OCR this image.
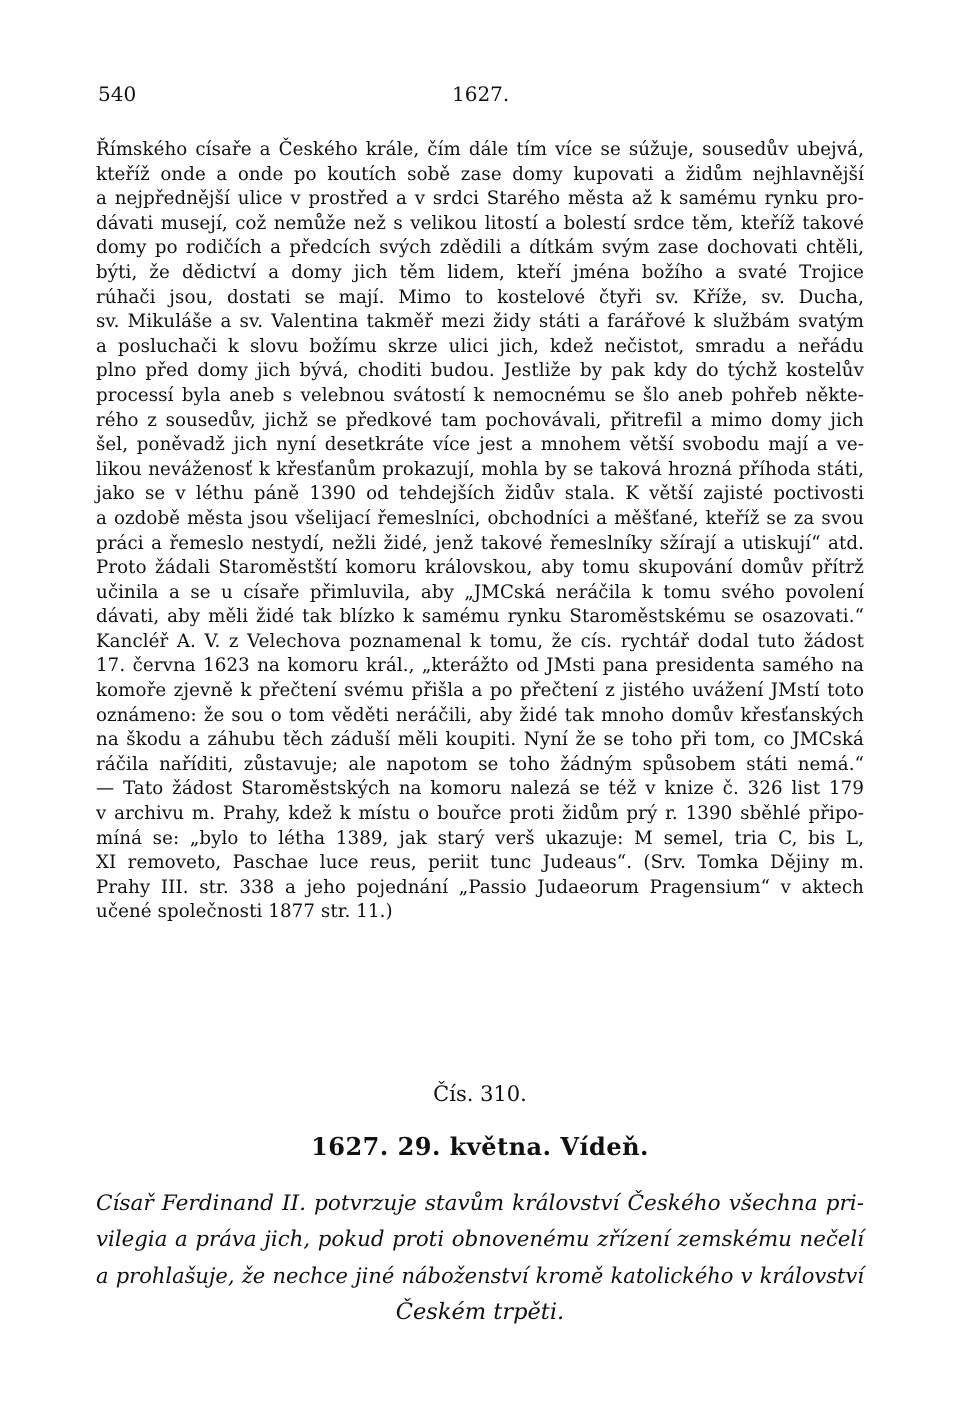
540	1627.
Římského císaře a Českého krále, čím dále tím více se súžuje, sousedův ubejvá,
kteříž onde a onde po koutích sobě zase domy kupovati a židům nejhlavnější
a nejpřednější ulice v prostřed a v srdci Starého města až k samému rynku pro-
dávati musejí, což nemůže než s velikou litostí a bolestí srdce těm, kteříž takové
domy po rodičích a předcích svých zdědili a dítkám svým zase dochovati chtěli,
býti, že dědictví a domy jich těm lidem, kteří jména božího a svaté Trojice
rúhači jsou, dostati se mají. Mimo to kostelové čtyři sv. Kříže, sv. Ducha,
sv. Mikuláše a sv. Valentina takměř mezi židy státi a farářové k službám svatým
a posluchači k slovu božímu skrze ulici jich, kdež nečistot, smradu a neřádu
plno před domy jich bývá, choditi budou. Jestliže by pak kdy do týchž kostelův
processí byla aneb s velebnou svátostí k nemocnému se šlo aneb pohřeb někte-
rého z sousedův, jichž se předkové tam pochovávali, přitrefil a mimo domy jich
šel, poněvadž jich nyní desetkráte více jest a mnohem větší svobodu mají a ve-
likou neváženosť k křesťanům prokazují, mohla by se taková hrozná příhoda státi,
jako se v léthu páně 1390 od tehdejších židův stala. K větší zajisté poctivosti
a ozdobě města jsou všelijací řemeslníci, obchodníci a měšťané, kteříž se za svou
práci a řemeslo nestydí, nežli židé, jenž takové řemeslníky sžírají a utiskují“ atd.
Proto žádali Staroměstští komoru královskou, aby tomu skupování domův přítrž
učinila a se u císaře přimluvila, aby „JMCská neráčila k tomu svého povolení
dávati, aby měli židé tak blízko k samému rynku Staroměstskému se osazovati.“
Kancléř A. V. z Velechova poznamenal k tomu, že cís. rychtář dodal tuto žádost
17. června 1623 na komoru král., „kterážto od JMsti pana presidenta samého na
komoře zjevně k přečtení svému přišla a po přečtení z jistého uvážení JMstí toto
oznámeno: že sou o tom věděti neráčili, aby židé tak mnoho domův křesťanských
na škodu a záhubu těch záduší měli koupiti. Nyní že se toho při tom, co JMCská
ráčila naříditi, zůstavuje; ale napotom se toho žádným spůsobem státi nemá.“
— Tato žádost Staroměstských na komoru nalezá se též v knize č. 326 list 179
v archivu m. Prahy, kdež k místu o bouřce proti židům prý r. 1390 sběhlé připo-
míná se: „bylo to létha 1389, jak starý verš ukazuje: M semel, tria C, bis L,
XI removeto, Paschae luce reus, periit tunc Judeaus“. (Srv. Tomka Dějiny m.
Prahy III. str. 338 a jeho pojednání „Passio Judaeorum Pragensium“ v aktech
učené společnosti 1877 str. 11.)
Čís. 310.
1627. 29. května. Vídeň.
Císař Ferdinand II. potvrzuje stavům království Českého všechna pri-
vilegia a práva jich, pokud proti obnovenému zřízení zemskému nečelí
a prohlašuje, že nechce jiné náboženství kromě katolického v království
Českém trpěti.
